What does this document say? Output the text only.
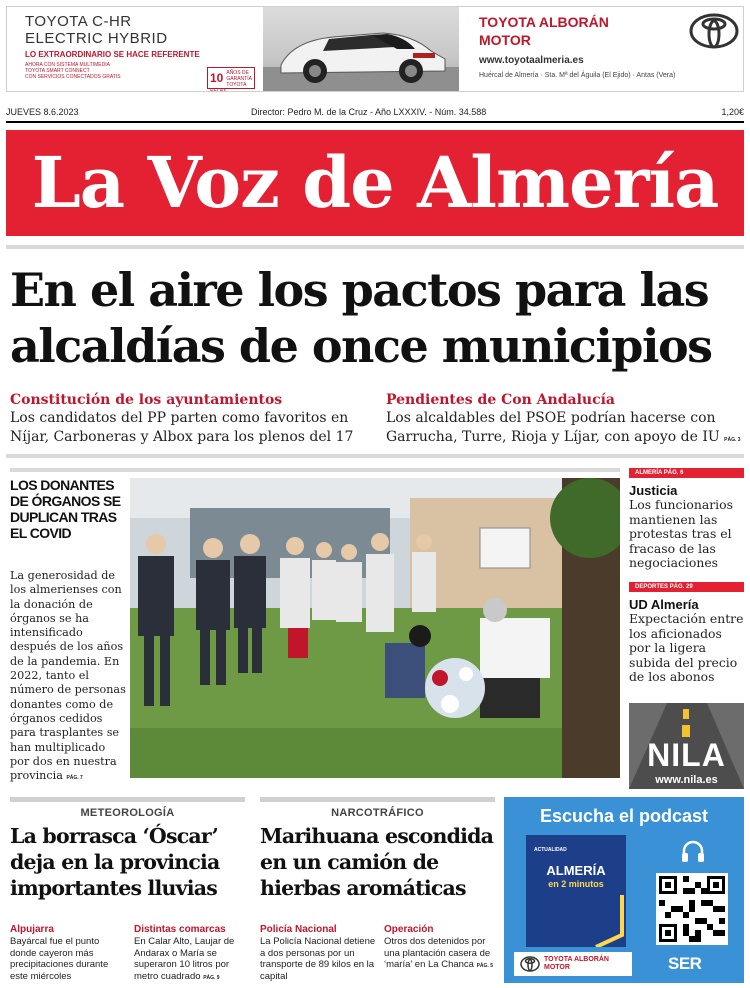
TOYOTA C-HR
ELECTRIC HYBRID
LO EXTRAORDINARIO SE HACE REFERENTE
AHORA CON SISTEMA MULTIMEDIA
TOYOTA SMART CONNECT
CON SERVICIOS CONECTADOS GRATIS	10 AÑOS DE GARANTÍA TOYOTA RELAX
TOYOTA ALBORÁN MOTOR
www.toyotaalmeria.es
Huércal de Almería · Sta. Mª del Águila (El Ejido) · Antas (Vera)
JUEVES 8.6.2023	Director: Pedro M. de la Cruz - Año LXXXIV. - Núm. 34.588	1,20€
La Voz de Almería
En el aire los pactos para las
alcaldías de once municipios
Constitución de los ayuntamientos
Los candidatos del PP parten como favoritos en Níjar, Carboneras y Albox para los plenos del 17
Pendientes de Con Andalucía
Los alcaldables del PSOE podrían hacerse con Garrucha, Turre, Rioja y Líjar, con apoyo de IU PÁG. 3
LOS DONANTES DE ÓRGANOS SE DUPLICAN TRAS EL COVID
La generosidad de los almerienses con la donación de órganos se ha intensificado después de los años de la pandemia. En 2022, tanto el número de personas donantes como de órganos cedidos para trasplantes se han multiplicado por dos en nuestra provincia PÁG. 7
ALMERÍA PÁG. 6
Justicia
Los funcionarios mantienen las protestas tras el fracaso de las negociaciones
DEPORTES PÁG. 29
UD Almería
Expectación entre los aficionados por la ligera subida del precio de los abonos
NILA
www.nila.es
METEOROLOGÍA
La borrasca ‘Óscar’ deja en la provincia importantes lluvias
Alpujarra
Bayárcal fue el punto donde cayeron más precipitaciones durante este miércoles
Distintas comarcas
En Calar Alto, Laujar de Andarax o María se superaron 10 litros por metro cuadrado PÁG. 9
NARCOTRÁFICO
Marihuana escondida en un camión de hierbas aromáticas
Policía Nacional
La Policía Nacional detiene a dos personas por un transporte de 89 kilos en la capital
Operación
Otros dos detenidos por una plantación casera de ‘maría’ en La Chanca PÁG. 5
Escucha el podcast
ACTUALIDAD
ALMERÍA
en 2 minutos
TOYOTA ALBORÁN MOTOR	SER
